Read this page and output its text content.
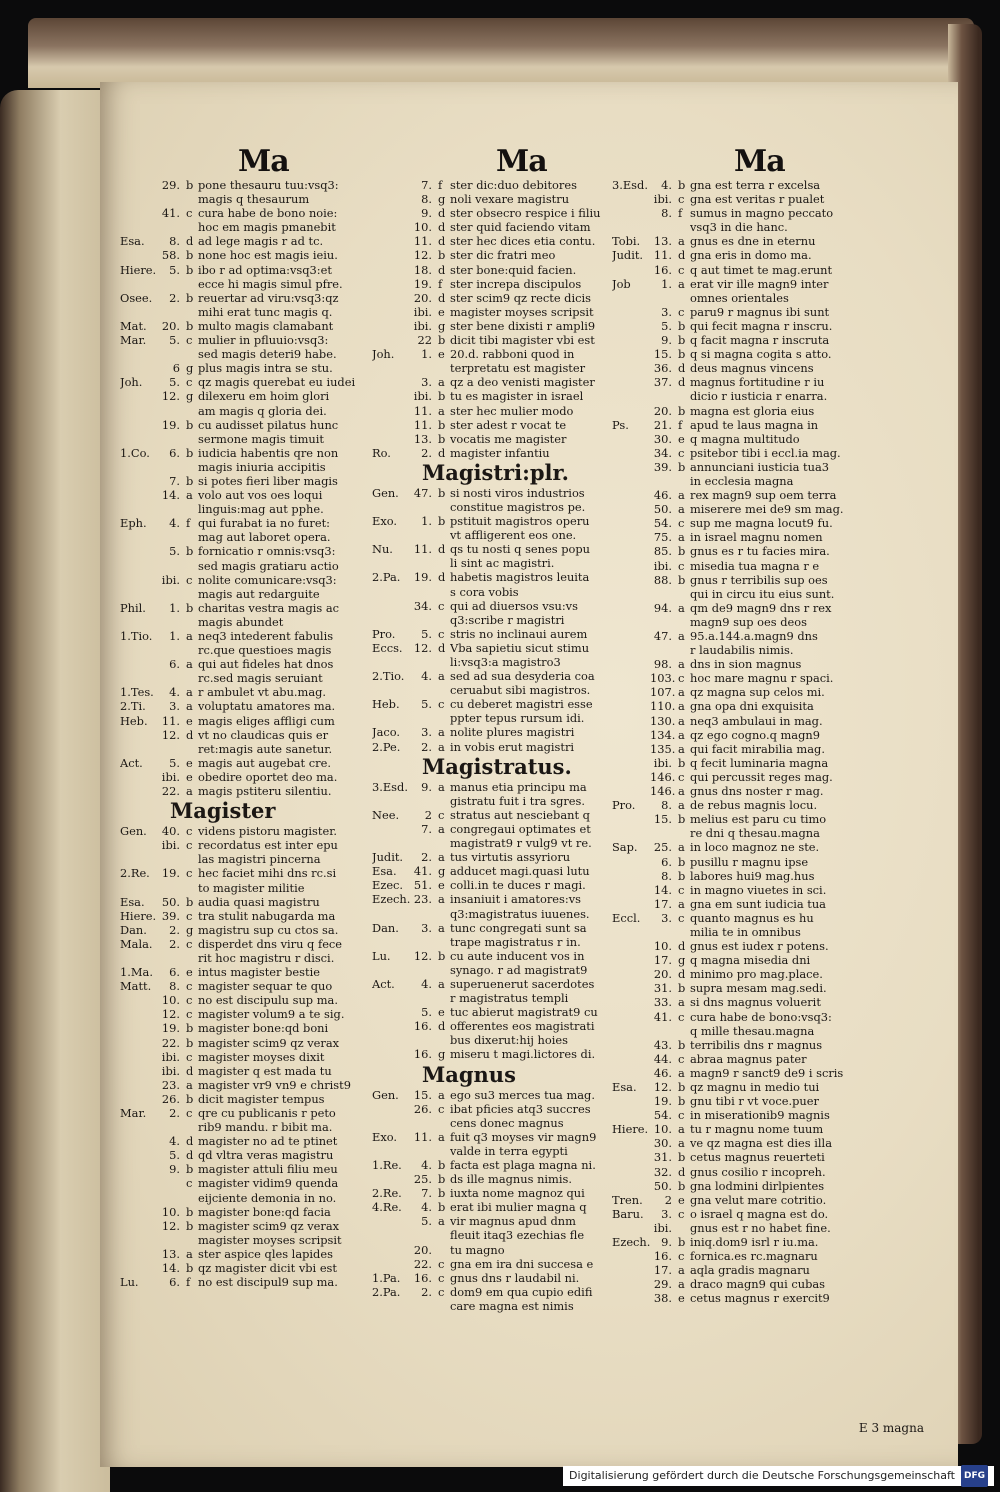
Ma	Ma	Ma
29. b pone thesauru tuu:vsq3:
magis q thesaurum
41. c cura habe de bono noie:
hoc em magis pmanebit
Esa.	8. d ad lege magis r ad tc.
58. b none hoc est magis ieiu.
Hiere.	5. b ibo r ad optima:vsq3:et
ecce hi magis simul pfre.
Osee.	2. b reuertar ad viru:vsq3:qz
mihi erat tunc magis q.
Mat.	20. b multo magis clamabant
Mar.	5. c mulier in pfluuio:vsq3:
sed magis deteri9 habe.
6 g plus magis intra se stu.
Joh.	5. c qz magis querebat eu iudei
12. g dilexeru em hoim glori
am magis q gloria dei.
19. b cu audisset pilatus hunc
sermone magis timuit
1.Co.	6. b iudicia habentis qre non
magis iniuria accipitis
7. b si potes fieri liber magis
14. a volo aut vos oes loqui
linguis:mag aut pphe.
Eph.	4. f qui furabat ia no furet:
mag aut laboret opera.
5. b fornicatio r omnis:vsq3:
sed magis gratiaru actio
ibi. c nolite comunicare:vsq3:
magis aut redarguite
Phil.	1. b charitas vestra magis ac
magis abundet
1.Tio.	1. a neq3 intederent fabulis
rc.que questioes magis
6. a qui aut fideles hat dnos
rc.sed magis seruiant
1.Tes.	4. a r ambulet vt abu.mag.
2.Ti.	3. a voluptatu amatores ma.
Heb.	11. e magis eliges affligi cum
12. d vt no claudicas quis er
ret:magis aute sanetur.
Act.	5. e magis aut augebat cre.
ibi. e obedire oportet deo ma.
22. a magis pstiteru silentiu.
Magister
Gen.	40. c videns pistoru magister.
ibi. c recordatus est inter epu
las magistri pincerna
2.Re.	19. c hec faciet mihi dns rc.si
to magister militie
Esa.	50. b audia quasi magistru
Hiere. 39. c tra stulit nabugarda ma
Dan.	2. g magistru sup cu ctos sa.
Mala.	2. c disperdet dns viru q fece
rit hoc magistru r disci.
1.Ma.	6. e intus magister bestie
Matt.	8. c magister sequar te quo
10. c no est discipulu sup ma.
12. c magister volum9 a te sig.
19. b magister bone:qd boni
22. b magister scim9 qz verax
ibi. c magister moyses dixit
ibi. d magister q est mada tu
23. a magister vr9 vn9 e christ9
26. b dicit magister tempus
Mar.	2. c qre cu publicanis r peto
rib9 mandu. r bibit ma.
4. d magister no ad te ptinet
5. d qd vltra veras magistru
9. b magister attuli filiu meu
c magister vidim9 quenda
eijciente demonia in no.
10. b magister bone:qd facia
12. b magister scim9 qz verax
magister moyses scripsit
13. a ster aspice qles lapides
14. b qz magister dicit vbi est
Lu.	6. f no est discipul9 sup ma.
7. f ster dic:duo debitores
8. g noli vexare magistru
9. d ster obsecro respice i filiu
10. d ster quid faciendo vitam
11. d ster hec dices etia contu.
12. b ster dic fratri meo
18. d ster bone:quid facien.
19. f ster increpa discipulos
20. d ster scim9 qz recte dicis
ibi. e magister moyses scripsit
ibi. g ster bene dixisti r ampli9
22 b dicit tibi magister vbi est
Joh.	1. e 20.d. rabboni quod in
terpretatu est magister
3. a qz a deo venisti magister
ibi. b tu es magister in israel
11. a ster hec mulier modo
11. b ster adest r vocat te
13. b vocatis me magister
Ro.	2. d magister infantiu
Magistri:plr.
Gen.	47. b si nosti viros industrios
constitue magistros pe.
Exo.	1. b pstituit magistros operu
vt affligerent eos one.
Nu.	11. d qs tu nosti q senes popu
li sint ac magistri.
2.Pa.	19. d habetis magistros leuita
s cora vobis
34. c qui ad diuersos vsu:vs
q3:scribe r magistri
Pro.	5. c stris no inclinaui aurem
Eccs. 12. d Vba sapietiu sicut stimu
li:vsq3:a magistro3
2.Tio.	4. a sed ad sua desyderia coa
ceruabut sibi magistros.
Heb.	5. c cu deberet magistri esse
ppter tepus rursum idi.
Jaco.	3. a nolite plures magistri
2.Pe.	2. a in vobis erut magistri
Magistratus.
3.Esd.	9. a manus etia principu ma
gistratu fuit i tra sgres.
Nee.	2 c stratus aut nesciebant q
7. a congregaui optimates et
magistrat9 r vulg9 vt re.
Judit.	2. a tus virtutis assyrioru
Esa.	41. g adducet magi.quasi lutu
Ezec. 51. e colli.in te duces r magi.
Ezech. 23. a insaniuit i amatores:vs
q3:magistratus iuuenes.
Dan.	3. a tunc congregati sunt sa
trape magistratus r in.
Lu.	12. b cu aute inducent vos in
synago. r ad magistrat9
Act.	4. a superuenerut sacerdotes
r magistratus templi
5. e tuc abierut magistrat9 cu
16. d offerentes eos magistrati
bus dixerut:hij hoies
16. g miseru t magi.lictores di.
Magnus
Gen.	15. a ego su3 merces tua mag.
26. c ibat pficies atq3 succres
cens donec magnus
Exo.	11. a fuit q3 moyses vir magn9
valde in terra egypti
1.Re.	4. b facta est plaga magna ni.
25. b ds ille magnus nimis.
2.Re.	7. b iuxta nome magnoz qui
4.Re.	4. b erat ibi mulier magna q
5. a vir magnus apud dnm
fleuit itaq3 ezechias fle
20. tu magno
22. c gna em ira dni succesa e
1.Pa.	16. c gnus dns r laudabil ni.
2.Pa.	2. c dom9 em qua cupio edifi
care magna est nimis
3.Esd.	4. b gna est terra r excelsa
ibi. c gna est veritas r pualet
8. f sumus in magno peccato
vsq3 in die hanc.
Tobi.	13. a gnus es dne in eternu
Judit. 11. d gna eris in domo ma.
16. c q aut timet te mag.erunt
Job	1. a erat vir ille magn9 inter
omnes orientales
3. c paru9 r magnus ibi sunt
5. b qui fecit magna r inscru.
9. b q facit magna r inscruta
15. b q si magna cogita s atto.
36. d deus magnus vincens
37. d magnus fortitudine r iu
dicio r iusticia r enarra.
20. b magna est gloria eius
Ps.	21. f apud te laus magna in
30. e q magna multitudo
34. c psitebor tibi i eccl.ia mag.
39. b annunciani iusticia tua3
in ecclesia magna
46. a rex magn9 sup oem terra
50. a miserere mei de9 sm mag.
54. c sup me magna locut9 fu.
75. a in israel magnu nomen
85. b gnus es r tu facies mira.
ibi. c misedia tua magna r e
88. b gnus r terribilis sup oes
qui in circu itu eius sunt.
94. a qm de9 magn9 dns r rex
magn9 sup oes deos
47. a 95.a.144.a.magn9 dns
r laudabilis nimis.
98. a dns in sion magnus
103. c hoc mare magnu r spaci.
107. a qz magna sup celos mi.
110. a gna opa dni exquisita
130. a neq3 ambulaui in mag.
134. a qz ego cogno.q magn9
135. a qui facit mirabilia mag.
ibi. b q fecit luminaria magna
146. c qui percussit reges mag.
146. a gnus dns noster r mag.
Pro.	8. a de rebus magnis locu.
15. b melius est paru cu timo
re dni q thesau.magna
Sap.	25. a in loco magnoz ne ste.
6. b pusillu r magnu ipse
8. b labores hui9 mag.hus
14. c in magno viuetes in sci.
17. a gna em sunt iudicia tua
Eccl.	3. c quanto magnus es hu
milia te in omnibus
10. d gnus est iudex r potens.
17. g q magna misedia dni
20. d minimo pro mag.place.
31. b supra mesam mag.sedi.
33. a si dns magnus voluerit
41. c cura habe de bono:vsq3:
q mille thesau.magna
43. b terribilis dns r magnus
44. c abraa magnus pater
46. a magn9 r sanct9 de9 i scris
Esa.	12. b qz magnu in medio tui
19. b gnu tibi r vt voce.puer
54. c in miserationib9 magnis
Hiere. 10. a tu r magnu nome tuum
30. a ve qz magna est dies illa
31. b cetus magnus reuerteti
32. d gnus cosilio r incopreh.
50. b gna lodmini dirlpientes
Tren.	2 e gna velut mare cotritio.
Baru.	3. c o israel q magna est do.
ibi. gnus est r no habet fine.
Ezech. 9. b iniq.dom9 isrl r iu.ma.
16. c fornica.es rc.magnaru
17. a aqla gradis magnaru
29. a draco magn9 qui cubas
38. e cetus magnus r exercit9
E 3 magna
Digitalisierung gefördert durch die Deutsche Forschungsgemeinschaft	DFG
